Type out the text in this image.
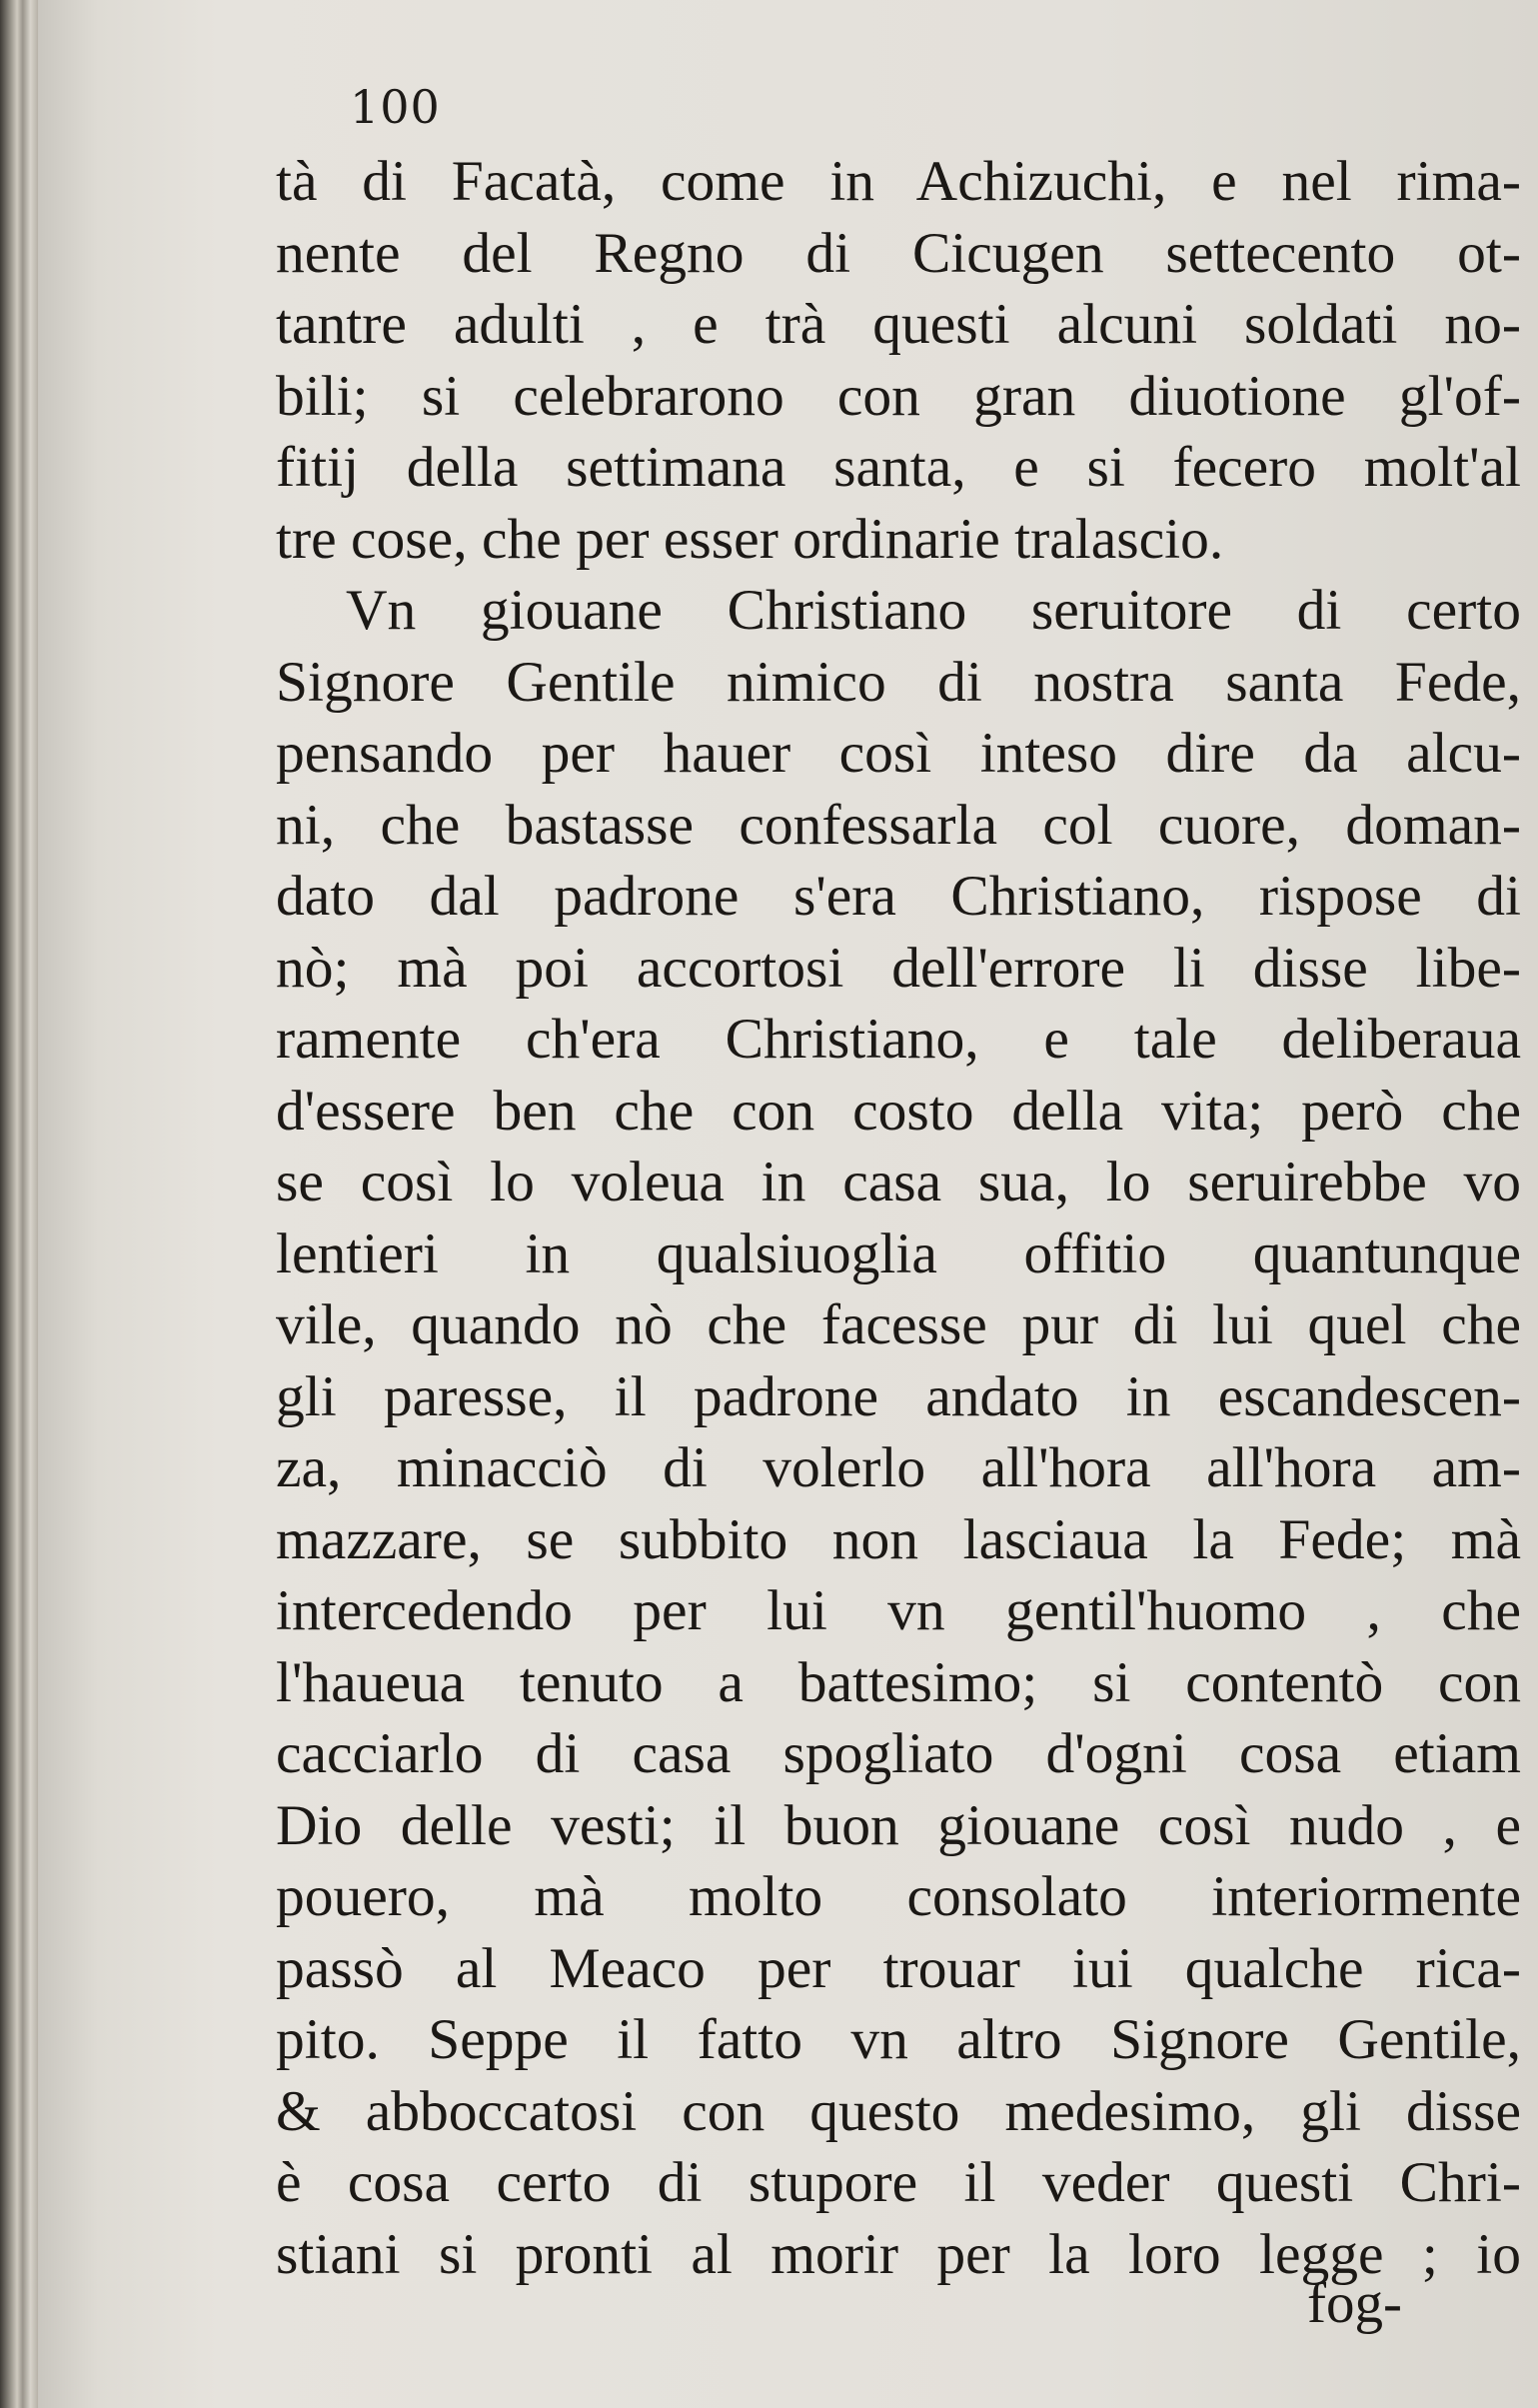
100
tà di Facatà, come in Achizuchi, e nel rima-
nente del Regno di Cicugen settecento ot-
tantre adulti , e trà questi alcuni soldati no-
bili; si celebrarono con gran diuotione gl'of-
fitij della settimana santa, e si fecero molt'al
tre cose, che per esser ordinarie tralascio.
Vn giouane Christiano seruitore di certo
Signore Gentile nimico di nostra santa Fede,
pensando per hauer così inteso dire da alcu-
ni, che bastasse confessarla col cuore, doman-
dato dal padrone s'era Christiano, rispose di
nò; mà poi accortosi dell'errore li disse libe-
ramente ch'era Christiano, e tale deliberaua
d'essere ben che con costo della vita; però che
se così lo voleua in casa sua, lo seruirebbe vo
lentieri in qualsiuoglia offitio quantunque
vile, quando nò che facesse pur di lui quel che
gli paresse, il padrone andato in escandescen-
za, minacciò di volerlo all'hora all'hora am-
mazzare, se subbito non lasciaua la Fede; mà
intercedendo per lui vn gentil'huomo , che
l'haueua tenuto a battesimo; si contentò con
cacciarlo di casa spogliato d'ogni cosa etiam
Dio delle vesti; il buon giouane così nudo , e
pouero, mà molto consolato interiormente
passò al Meaco per trouar iui qualche rica-
pito. Seppe il fatto vn altro Signore Gentile,
& abboccatosi con questo medesimo, gli disse
è cosa certo di stupore il veder questi Chri-
stiani si pronti al morir per la loro legge ; io
fog-
